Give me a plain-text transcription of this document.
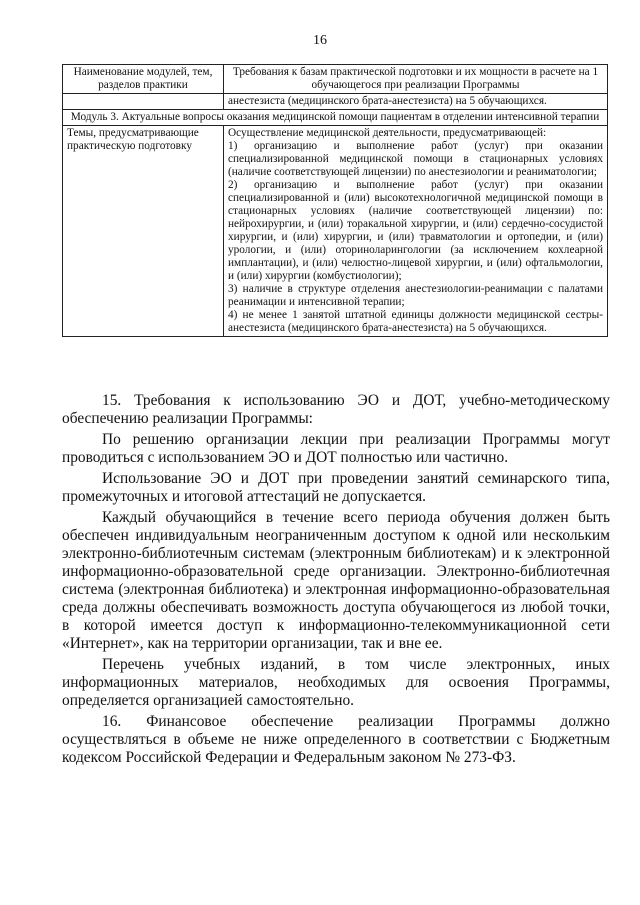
16
Наименование модулей, тем, разделов практики	Требования к базам практической подготовки и их мощности в расчете на 1 обучающегося при реализации Программы
	анестезиста (медицинского брата-анестезиста) на 5 обучающихся.
Модуль 3. Актуальные вопросы оказания медицинской помощи пациентам в отделении интенсивной терапии	
Темы, предусматривающие практическую подготовку	Осуществление медицинской деятельности, предусматривающей:

1) организацию и выполнение работ (услуг) при оказании специализированной медицинской помощи в стационарных условиях (наличие соответствующей лицензии) по анестезиологии и реаниматологии;

2) организацию и выполнение работ (услуг) при оказании специализированной и (или) высокотехнологичной медицинской помощи в стационарных условиях (наличие соответствующей лицензии) по: нейрохирургии, и (или) торакальной хирургии, и (или) сердечно-сосудистой хирургии, и (или) хирургии, и (или) травматологии и ортопедии, и (или) урологии, и (или) оториноларингологии (за исключением кохлеарной имплантации), и (или) челюстно-лицевой хирургии, и (или) офтальмологии, и (или) хирургии (комбустиологии);

3) наличие в структуре отделения анестезиологии-реанимации с палатами реанимации и интенсивной терапии;

4) не менее 1 занятой штатной единицы должности медицинской сестры-анестезиста (медицинского брата-анестезиста) на 5 обучающихся.

15. Требования к использованию ЭО и ДОТ, учебно-методическому обеспечению реализации Программы:

По решению организации лекции при реализации Программы могут проводиться с использованием ЭО и ДОТ полностью или частично.

Использование ЭО и ДОТ при проведении занятий семинарского типа, промежуточных и итоговой аттестаций не допускается.

Каждый обучающийся в течение всего периода обучения должен быть обеспечен индивидуальным неограниченным доступом к одной или нескольким электронно-библиотечным системам (электронным библиотекам) и к электронной информационно-образовательной среде организации. Электронно-библиотечная система (электронная библиотека) и электронная информационно-образовательная среда должны обеспечивать возможность доступа обучающегося из любой точки, в которой имеется доступ к информационно-телекоммуникационной сети «Интернет», как на территории организации, так и вне ее.

Перечень учебных изданий, в том числе электронных, иных информационных материалов, необходимых для освоения Программы, определяется организацией самостоятельно.

16. Финансовое обеспечение реализации Программы должно осуществляться в объеме не ниже определенного в соответствии с Бюджетным кодексом Российской Федерации и Федеральным законом № 273-ФЗ.
